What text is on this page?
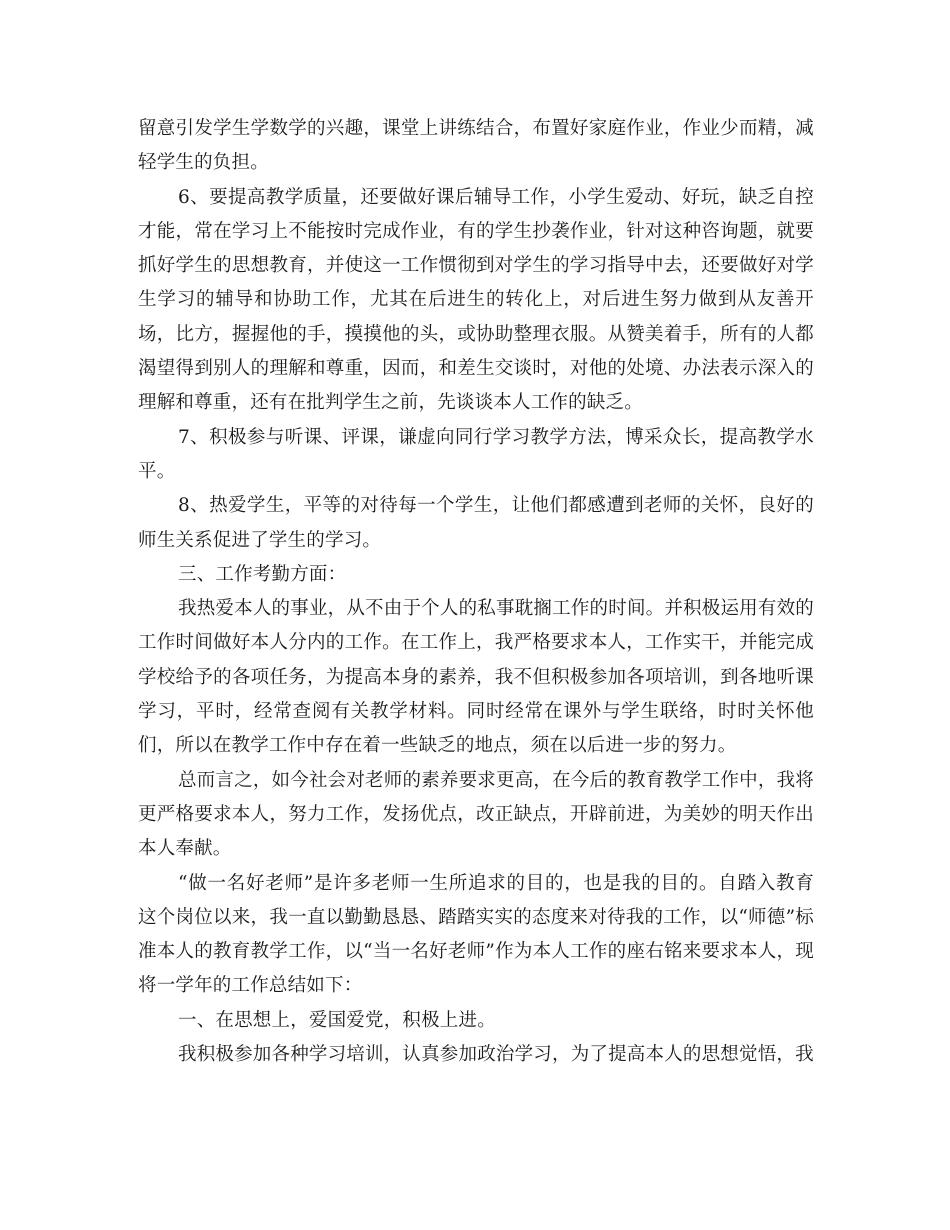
留意引发学生学数学的兴趣，课堂上讲练结合，布置好家庭作业，作业少而精，减轻学生的负担。

6、要提高教学质量，还要做好课后辅导工作，小学生爱动、好玩，缺乏自控才能，常在学习上不能按时完成作业，有的学生抄袭作业，针对这种咨询题，就要抓好学生的思想教育，并使这一工作惯彻到对学生的学习指导中去，还要做好对学生学习的辅导和协助工作，尤其在后进生的转化上，对后进生努力做到从友善开场，比方，握握他的手，摸摸他的头，或协助整理衣服。从赞美着手，所有的人都渴望得到别人的理解和尊重，因而，和差生交谈时，对他的处境、办法表示深入的理解和尊重，还有在批判学生之前，先谈谈本人工作的缺乏。

7、积极参与听课、评课，谦虚向同行学习教学方法，博采众长，提高教学水平。

8、热爱学生，平等的对待每一个学生，让他们都感遭到老师的关怀，良好的师生关系促进了学生的学习。

三、工作考勤方面：

我热爱本人的事业，从不由于个人的私事耽搁工作的时间。并积极运用有效的工作时间做好本人分内的工作。在工作上，我严格要求本人，工作实干，并能完成学校给予的各项任务，为提高本身的素养，我不但积极参加各项培训，到各地听课学习，平时，经常查阅有关教学材料。同时经常在课外与学生联络，时时关怀他们，所以在教学工作中存在着一些缺乏的地点，须在以后进一步的努力。

总而言之，如今社会对老师的素养要求更高，在今后的教育教学工作中，我将更严格要求本人，努力工作，发扬优点，改正缺点，开辟前进，为美妙的明天作出本人奉献。

“做一名好老师”是许多老师一生所追求的目的，也是我的目的。自踏入教育这个岗位以来，我一直以勤勤恳恳、踏踏实实的态度来对待我的工作，以“师德”标准本人的教育教学工作，以“当一名好老师”作为本人工作的座右铭来要求本人，现将一学年的工作总结如下：

一、在思想上，爱国爱党，积极上进。

我积极参加各种学习培训，认真参加政治学习，为了提高本人的思想觉悟，我
